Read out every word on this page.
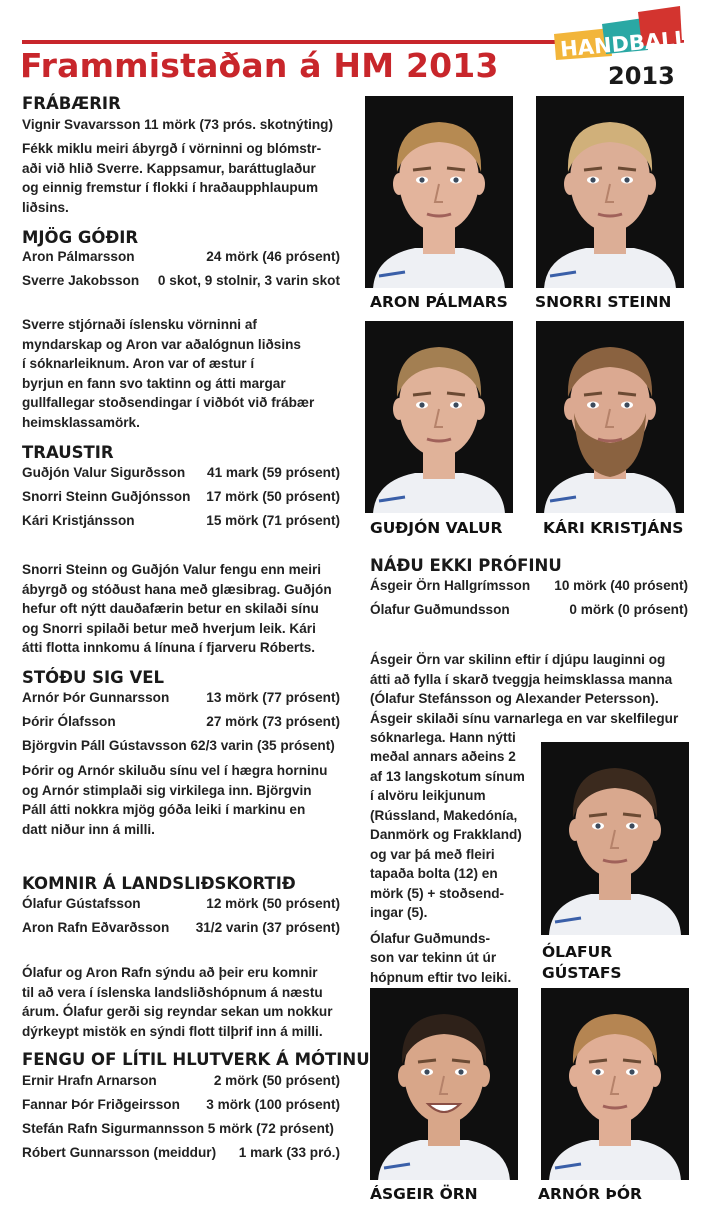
Frammistaðan á HM 2013
HANDBALL
2013
FRÁBÆRIR
Vignir Svavarsson 11 mörk (73 prós. skotnýting)
Fékk miklu meiri ábyrgð í vörninni og blómstr-
aði við hlið Sverre. Kappsamur, baráttuglaður
og einnig fremstur í flokki í hraðaupphlaupum
liðsins.
MJÖG GÓÐIR
Aron Pálmarsson	24 mörk (46 prósent)
Sverre Jakobsson 0 skot, 9 stolnir, 3 varin skot
Sverre stjórnaði íslensku vörninni af
myndarskap og Aron var aðalógnun liðsins
í sóknarleiknum. Aron var of æstur í
byrjun en fann svo taktinn og átti margar
gullfallegar stoðsendingar í viðbót við frábær
heimsklassamörk.
TRAUSTIR
Guðjón Valur Sigurðsson 41 mark (59 prósent)
Snorri Steinn Guðjónsson 17 mörk (50 prósent)
Kári Kristjánsson	15 mörk (71 prósent)
Snorri Steinn og Guðjón Valur fengu enn meiri
ábyrgð og stóðust hana með glæsibrag. Guðjón
hefur oft nýtt dauðafærin betur en skilaði sínu
og Snorri spilaði betur með hverjum leik. Kári
átti flotta innkomu á línuna í fjarveru Róberts.
STÓÐU SIG VEL
Arnór Þór Gunnarsson	13 mörk (77 prósent)
Þórir Ólafsson	27 mörk (73 prósent)
Björgvin Páll Gústavsson 62/3 varin (35 prósent)
Þórir og Arnór skiluðu sínu vel í hægra horninu
og Arnór stimplaði sig virkilega inn. Björgvin
Páll átti nokkra mjög góða leiki í markinu en
datt niður inn á milli.
KOMNIR Á LANDSLIÐSKORTIÐ
Ólafur Gústafsson	12 mörk (50 prósent)
Aron Rafn Eðvarðsson 31/2 varin (37 prósent)
Ólafur og Aron Rafn sýndu að þeir eru komnir
til að vera í íslenska landsliðshópnum á næstu
árum. Ólafur gerði sig reyndar sekan um nokkur
dýrkeypt mistök en sýndi flott tilþrif inn á milli.
FENGU OF LÍTIL HLUTVERK Á MÓTINU
Ernir Hrafn Arnarson	2 mörk (50 prósent)
Fannar Þór Friðgeirsson 3 mörk (100 prósent)
Stefán Rafn Sigurmannsson 5 mörk (72 prósent)
Róbert Gunnarsson (meiddur) 1 mark (33 pró.)
ARON PÁLMARS SNORRI STEINN
GUÐJÓN VALUR	KÁRI KRISTJÁNS
NÁÐU EKKI PRÓFINU
Ásgeir Örn Hallgrímsson 10 mörk (40 prósent)
Ólafur Guðmundsson	0 mörk (0 prósent)
Ásgeir Örn var skilinn eftir í djúpu lauginni og
átti að fylla í skarð tveggja heimsklassa manna
(Ólafur Stefánsson og Alexander Petersson).
Ásgeir skilaði sínu varnarlega en var skelfilegur
sóknarlega. Hann nýtti
meðal annars aðeins 2
af 13 langskotum sínum
í alvöru leikjunum
(Rússland, Makedónía,
Danmörk og Frakkland)
og var þá með fleiri
tapaða bolta (12) en
mörk (5) + stoðsend-
ingar (5).
Ólafur Guðmunds-
son var tekinn út úr
hópnum eftir tvo leiki.
ÓLAFUR
GÚSTAFS
ÁSGEIR ÖRN	ARNÓR ÞÓR
